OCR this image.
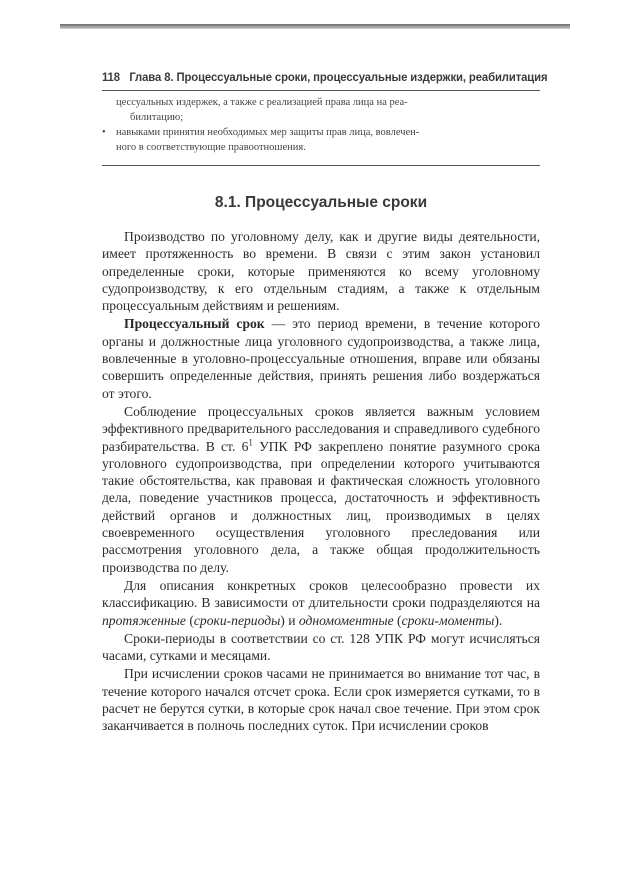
118 Глава 8. Процессуальные сроки, процессуальные издержки, реабилитация
цессуальных издержек, а также с реализацией права лица на реа-
билитацию;
• навыками принятия необходимых мер защиты прав лица, вовлечен-
ного в соответствующие правоотношения.
8.1. Процессуальные сроки

Производство по уголовному делу, как и другие виды деятельности, имеет протяженность во времени. В связи с этим закон установил определенные сроки, которые применяются ко всему уголовному судопроизводству, к его отдельным стадиям, а также к отдельным процессуальным действиям и решениям.

Процессуальный срок — это период времени, в течение которого органы и должностные лица уголовного судопроизводства, а также лица, вовлеченные в уголовно-процессуальные отношения, вправе или обязаны совершить определенные действия, принять решения либо воздержаться от этого.

Соблюдение процессуальных сроков является важным условием эффективного предварительного расследования и справедливого судебного разбирательства. В ст. $6^1$ УПК РФ закреплено понятие разумного срока уголовного судопроизводства, при определении которого учитываются такие обстоятельства, как правовая и фактическая сложность уголовного дела, поведение участников процесса, достаточность и эффективность действий органов и должностных лиц, производимых в целях своевременного осуществления уголовного преследования или рассмотрения уголовного дела, а также общая продолжительность производства по делу.

Для описания конкретных сроков целесообразно провести их классификацию. В зависимости от длительности сроки подразделяются на протяженные (сроки-периоды) и одномоментные (сроки-моменты).

Сроки-периоды в соответствии со ст. 128 УПК РФ могут исчисляться часами, сутками и месяцами.

При исчислении сроков часами не принимается во внимание тот час, в течение которого начался отсчет срока. Если срок измеряется сутками, то в расчет не берутся сутки, в которые срок начал свое течение. При этом срок заканчивается в полночь последних суток. При исчислении сроков
